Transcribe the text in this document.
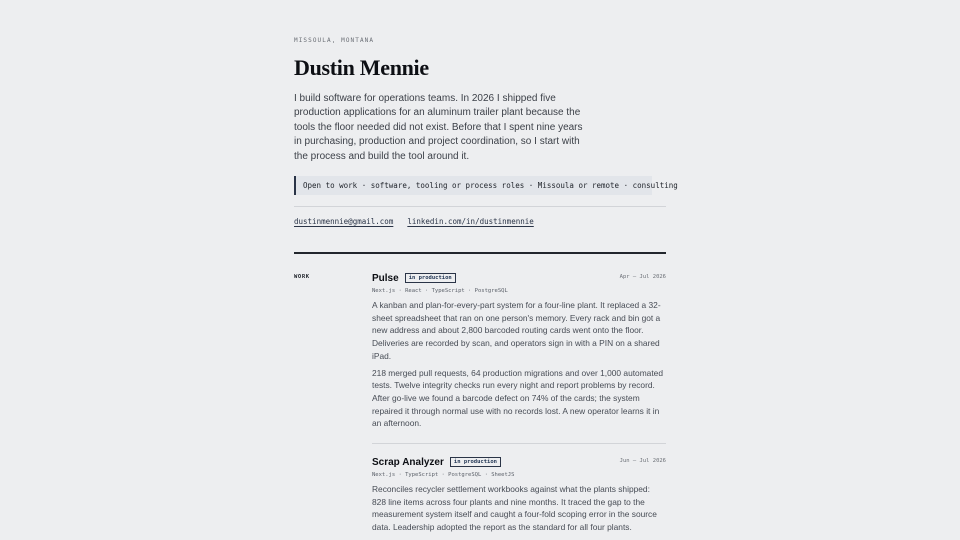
MISSOULA, MONTANA
Dustin Mennie

I build software for operations teams. In 2026 I shipped five production applications for an aluminum trailer plant because the tools the floor needed did not exist. Before that I spent nine years in purchasing, production and project coordination, so I start with the process and build the tool around it.

Open to work · software, tooling or process roles · Missoula or remote · consulting
dustinmennie@gmail.com linkedin.com/in/dustinmennie
WORK	Pulse	in production	Apr – Jul 2026
Next.js · React · TypeScript · PostgreSQL

A kanban and plan-for-every-part system for a four-line plant. It replaced a 32-sheet spreadsheet that ran on one person's memory. Every rack and bin got a new address and about 2,800 barcoded routing cards went onto the floor. Deliveries are recorded by scan, and operators sign in with a PIN on a shared iPad.

218 merged pull requests, 64 production migrations and over 1,000 automated tests. Twelve integrity checks run every night and report problems by record. After go-live we found a barcode defect on 74% of the cards; the system repaired it through normal use with no records lost. A new operator learns it in an afternoon.

Scrap Analyzer	in production	Jun – Jul 2026
Next.js · TypeScript · PostgreSQL · SheetJS

Reconciles recycler settlement workbooks against what the plants shipped: 828 line items across four plants and nine months. It traced the gap to the measurement system itself and caught a four-fold scoping error in the source data. Leadership adopted the report as the standard for all four plants.
